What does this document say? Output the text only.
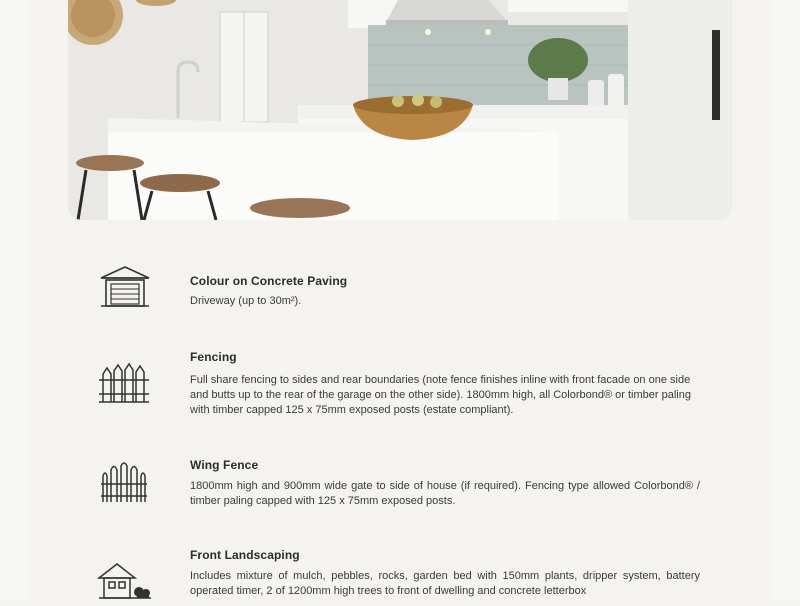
Colour on Concrete Paving
Driveway (up to 30m²).
Fencing
Full share fencing to sides and rear boundaries (note fence finishes inline with front facade on one side and butts up to the rear of the garage on the other side). 1800mm high, all Colorbond® or timber paling with timber capped 125 x 75mm exposed posts (estate compliant).
Wing Fence
1800mm high and 900mm wide gate to side of house (if required). Fencing type allowed Colorbond® / timber paling capped with 125 x 75mm exposed posts.
Front Landscaping
Includes mixture of mulch, pebbles, rocks, garden bed with 150mm plants, dripper system, battery operated timer, 2 of 1200mm high trees to front of dwelling and concrete letterbox
